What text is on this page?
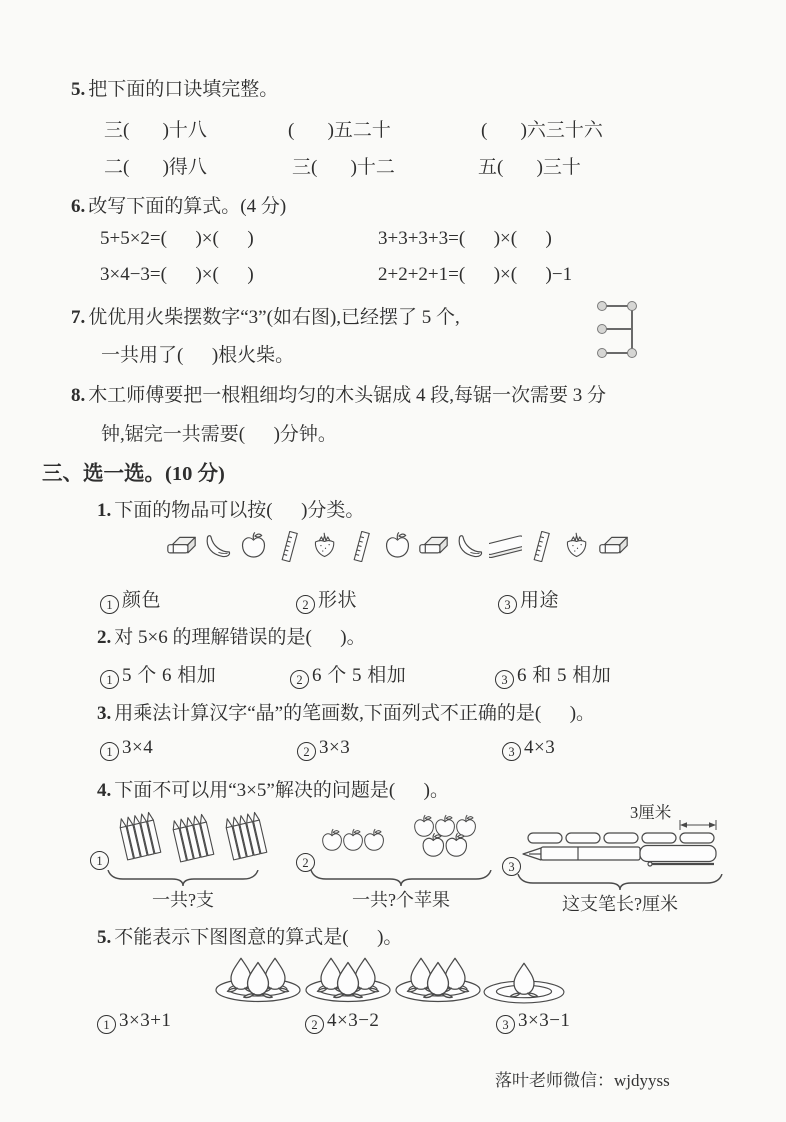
5. 把下面的口诀填完整。
三(       )十八	(       )五二十	(       )六三十六
二(       )得八	三(       )十二	五(       )三十
6. 改写下面的算式。(4 分)
5+5×2=(      )×(      )	3+3+3+3=(      )×(      )
3×4−3=(      )×(      )	2+2+2+1=(      )×(      )−1
7. 优优用火柴摆数字“3”(如右图),已经摆了 5 个,
一共用了(      )根火柴。
8. 木工师傅要把一根粗细均匀的木头锯成 4 段,每锯一次需要 3 分
钟,锯完一共需要(      )分钟。
三、选一选。(10 分)
1. 下面的物品可以按(      )分类。
1 颜色	2 形状	3 用途
2. 对 5×6 的理解错误的是(      )。
1 5 个 6 相加	2 6 个 5 相加	3 6 和 5 相加
3. 用乘法计算汉字“晶”的笔画数,下面列式不正确的是(      )。
1 3×4	2 3×3	3 4×3
4. 下面不可以用“3×5”解决的问题是(      )。
1
一共?支
2
一共?个苹果
3
3厘米
这支笔长?厘米
5. 不能表示下图图意的算式是(      )。
1 3×3+1	2 4×3−2	3 3×3−1
落叶老师微信：wjdyyss
